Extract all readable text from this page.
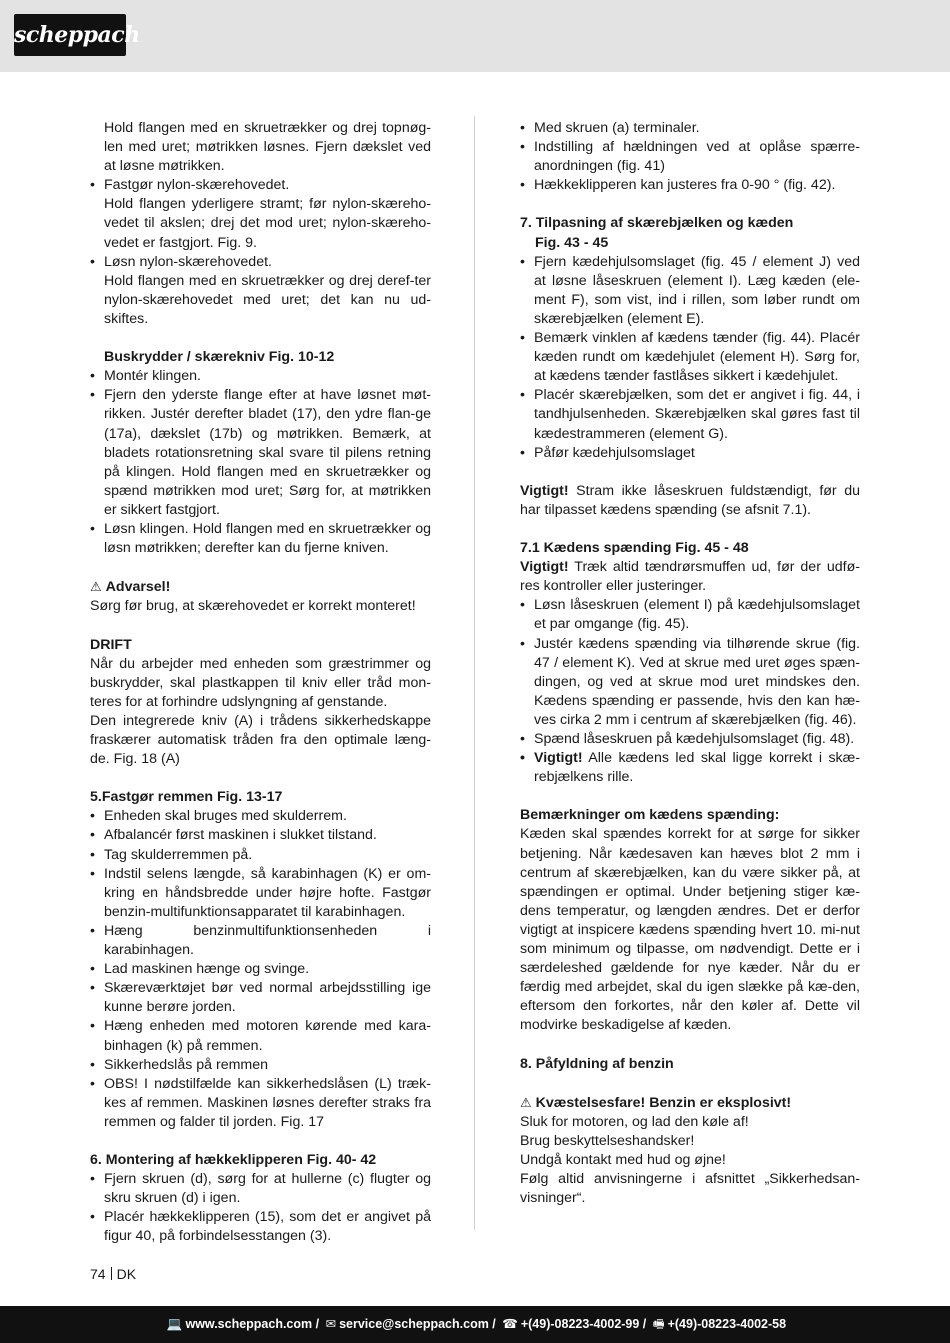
scheppach

Hold flangen med en skruetrækker og drej topnøg-len med uret; møtrikken løsnes. Fjern dækslet ved at løsne møtrikken.

• Fastgør nylon-skærehovedet.

Hold flangen yderligere stramt; før nylon-skæreho-vedet til akslen; drej det mod uret; nylon-skæreho-vedet er fastgjort. Fig. 9.

• Løsn nylon-skærehovedet.

Hold flangen med en skruetrækker og drej deref-ter nylon-skærehovedet med uret; det kan nu ud-skiftes.

Buskrydder / skærekniv Fig. 10-12

• Montér klingen.
• Fjern den yderste flange efter at have løsnet møt-rikken. Justér derefter bladet (17), den ydre flan-ge (17a), dækslet (17b) og møtrikken. Bemærk, at bladets rotationsretning skal svare til pilens retning på klingen. Hold flangen med en skruetrækker og spænd møtrikken mod uret; Sørg for, at møtrikken er sikkert fastgjort.
• Løsn klingen. Hold flangen med en skruetrækker og løsn møtrikken; derefter kan du fjerne kniven.

⚠ Advarsel!

Sørg før brug, at skærehovedet er korrekt monteret!

DRIFT

Når du arbejder med enheden som græstrimmer og buskrydder, skal plastkappen til kniv eller tråd mon-teres for at forhindre udslyngning af genstande.

Den integrerede kniv (A) i trådens sikkerhedskappe fraskærer automatisk tråden fra den optimale læng-de. Fig. 18 (A)

5.Fastgør remmen Fig. 13-17

• Enheden skal bruges med skulderrem.
• Afbalancér først maskinen i slukket tilstand.
• Tag skulderremmen på.
• Indstil selens længde, så karabinhagen (K) er om-kring en håndsbredde under højre hofte. Fastgør benzin-multifunktionsapparatet til karabinhagen.
• Hæng benzinmultifunktionsenheden i karabinhagen.
• Lad maskinen hænge og svinge.
• Skæreværktøjet bør ved normal arbejdsstilling ige kunne berøre jorden.
• Hæng enheden med motoren kørende med kara-binhagen (k) på remmen.
• Sikkerhedslås på remmen
• OBS! I nødstilfælde kan sikkerhedslåsen (L) træk-kes af remmen. Maskinen løsnes derefter straks fra remmen og falder til jorden. Fig. 17

6. Montering af hækkeklipperen Fig. 40- 42

• Fjern skruen (d), sørg for at hullerne (c) flugter og skru skruen (d) i igen.
• Placér hækkeklipperen (15), som det er angivet på figur 40, på forbindelsesstangen (3).
• Med skruen (a) terminaler.
• Indstilling af hældningen ved at oplåse spærre-anordningen (fig. 41)
• Hækkeklipperen kan justeres fra 0-90 ° (fig. 42).

7. Tilpasning af skærebjælken og kæden

Fig. 43 - 45

• Fjern kædehjulsomslaget (fig. 45 / element J) ved at løsne låseskruen (element I). Læg kæden (ele-ment F), som vist, ind i rillen, som løber rundt om skærebjælken (element E).
• Bemærk vinklen af kædens tænder (fig. 44). Placér kæden rundt om kædehjulet (element H). Sørg for, at kædens tænder fastlåses sikkert i kædehjulet.
• Placér skærebjælken, som det er angivet i fig. 44, i tandhjulsenheden. Skærebjælken skal gøres fast til kædestrammeren (element G).
• Påfør kædehjulsomslaget

Vigtigt! Stram ikke låseskruen fuldstændigt, før du har tilpasset kædens spænding (se afsnit 7.1).

7.1 Kædens spænding Fig. 45 - 48

Vigtigt! Træk altid tændrørsmuffen ud, før der udfø-res kontroller eller justeringer.

• Løsn låseskruen (element I) på kædehjulsomslaget et par omgange (fig. 45).
• Justér kædens spænding via tilhørende skrue (fig. 47 / element K). Ved at skrue med uret øges spæn-dingen, og ved at skrue mod uret mindskes den. Kædens spænding er passende, hvis den kan hæ-ves cirka 2 mm i centrum af skærebjælken (fig. 46).
• Spænd låseskruen på kædehjulsomslaget (fig. 48).
• Vigtigt! Alle kædens led skal ligge korrekt i skæ-rebjælkens rille.

Bemærkninger om kædens spænding:

Kæden skal spændes korrekt for at sørge for sikker betjening. Når kædesaven kan hæves blot 2 mm i centrum af skærebjælken, kan du være sikker på, at spændingen er optimal. Under betjening stiger kæ-dens temperatur, og længden ændres. Det er derfor vigtigt at inspicere kædens spænding hvert 10. mi-nut som minimum og tilpasse, om nødvendigt. Dette er i særdeleshed gældende for nye kæder. Når du er færdig med arbejdet, skal du igen slække på kæ-den, eftersom den forkortes, når den køler af. Dette vil modvirke beskadigelse af kæden.

8. Påfyldning af benzin

⚠ Kvæstelsesfare! Benzin er eksplosivt!

Sluk for motoren, og lad den køle af!

Brug beskyttelseshandsker!

Undgå kontakt med hud og øjne!

Følg altid anvisningerne i afsnittet „Sikkerhedsan-visninger“.

74 DK
💻 www.scheppach.com / ✉ service@scheppach.com / ☎ +(49)-08223-4002-99 / 🖷 +(49)-08223-4002-58
